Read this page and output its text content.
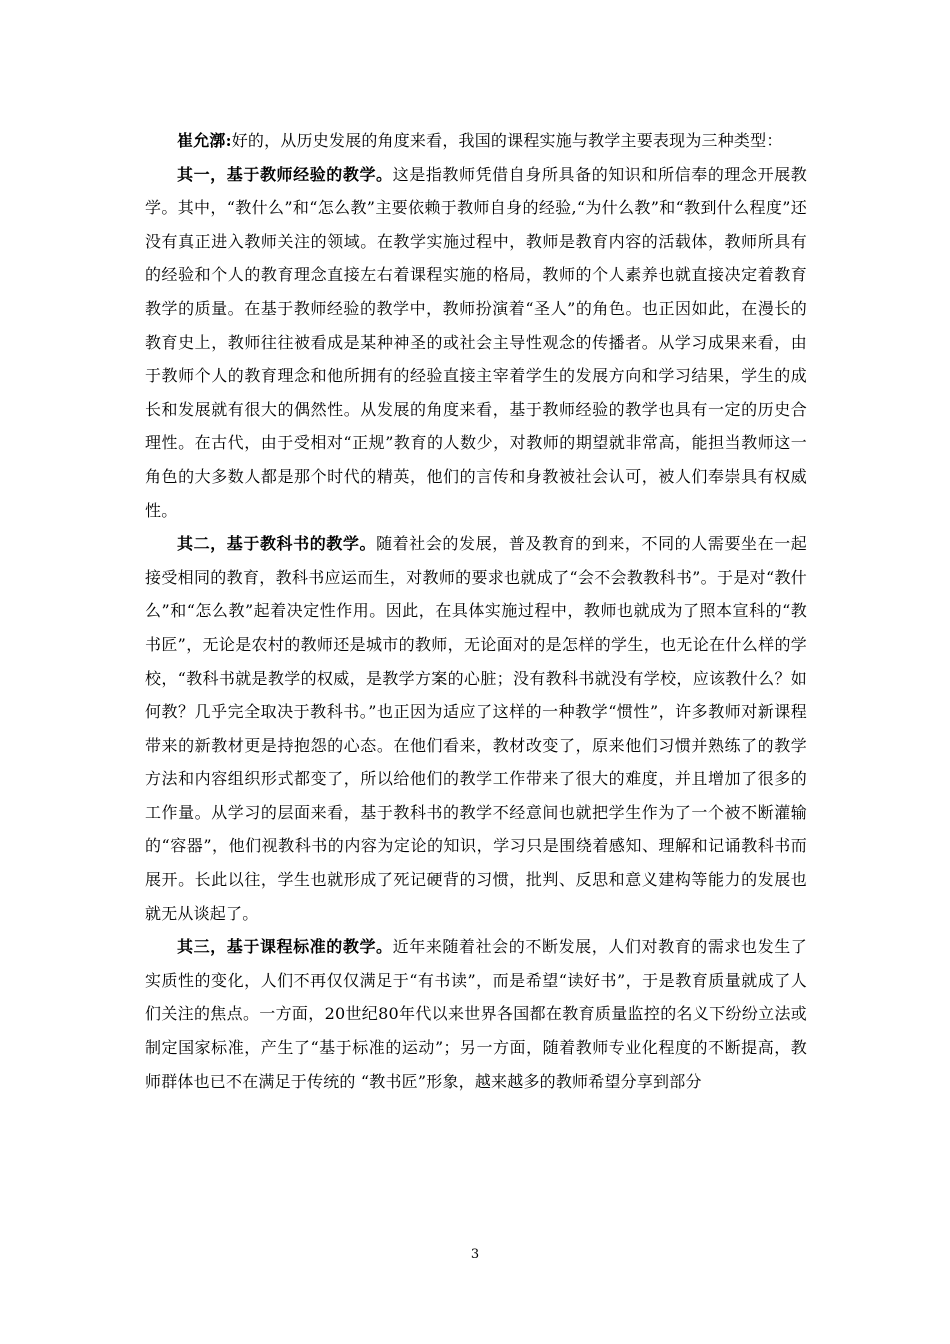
崔允漷:好的，从历史发展的角度来看，我国的课程实施与教学主要表现为三种类型：

其一，基于教师经验的教学。这是指教师凭借自身所具备的知识和所信奉的理念开展教学。其中，“教什么”和“怎么教”主要依赖于教师自身的经验,“为什么教”和“教到什么程度”还没有真正进入教师关注的领域。在教学实施过程中，教师是教育内容的活载体，教师所具有的经验和个人的教育理念直接左右着课程实施的格局，教师的个人素养也就直接决定着教育教学的质量。在基于教师经验的教学中，教师扮演着“圣人”的角色。也正因如此，在漫长的教育史上，教师往往被看成是某种神圣的或社会主导性观念的传播者。从学习成果来看，由于教师个人的教育理念和他所拥有的经验直接主宰着学生的发展方向和学习结果，学生的成长和发展就有很大的偶然性。从发展的角度来看，基于教师经验的教学也具有一定的历史合理性。在古代，由于受相对“正规”教育的人数少，对教师的期望就非常高，能担当教师这一角色的大多数人都是那个时代的精英，他们的言传和身教被社会认可，被人们奉崇具有权威性。

其二，基于教科书的教学。随着社会的发展，普及教育的到来，不同的人需要坐在一起接受相同的教育，教科书应运而生，对教师的要求也就成了“会不会教教科书”。于是对“教什么”和“怎么教”起着决定性作用。因此，在具体实施过程中，教师也就成为了照本宣科的“教书匠”，无论是农村的教师还是城市的教师，无论面对的是怎样的学生，也无论在什么样的学校，“教科书就是教学的权威，是教学方案的心脏；没有教科书就没有学校，应该教什么？如何教？几乎完全取决于教科书。”也正因为适应了这样的一种教学“惯性”，许多教师对新课程带来的新教材更是持抱怨的心态。在他们看来，教材改变了，原来他们习惯并熟练了的教学方法和内容组织形式都变了，所以给他们的教学工作带来了很大的难度，并且增加了很多的工作量。从学习的层面来看，基于教科书的教学不经意间也就把学生作为了一个被不断灌输的“容器”，他们视教科书的内容为定论的知识，学习只是围绕着感知、理解和记诵教科书而展开。长此以往，学生也就形成了死记硬背的习惯，批判、反思和意义建构等能力的发展也就无从谈起了。

其三，基于课程标准的教学。近年来随着社会的不断发展，人们对教育的需求也发生了实质性的变化，人们不再仅仅满足于“有书读”，而是希望“读好书”，于是教育质量就成了人们关注的焦点。一方面，20世纪80年代以来世界各国都在教育质量监控的名义下纷纷立法或制定国家标准，产生了“基于标准的运动”；另一方面，随着教师专业化程度的不断提高，教师群体也已不在满足于传统的 “教书匠”形象，越来越多的教师希望分享到部分

3
